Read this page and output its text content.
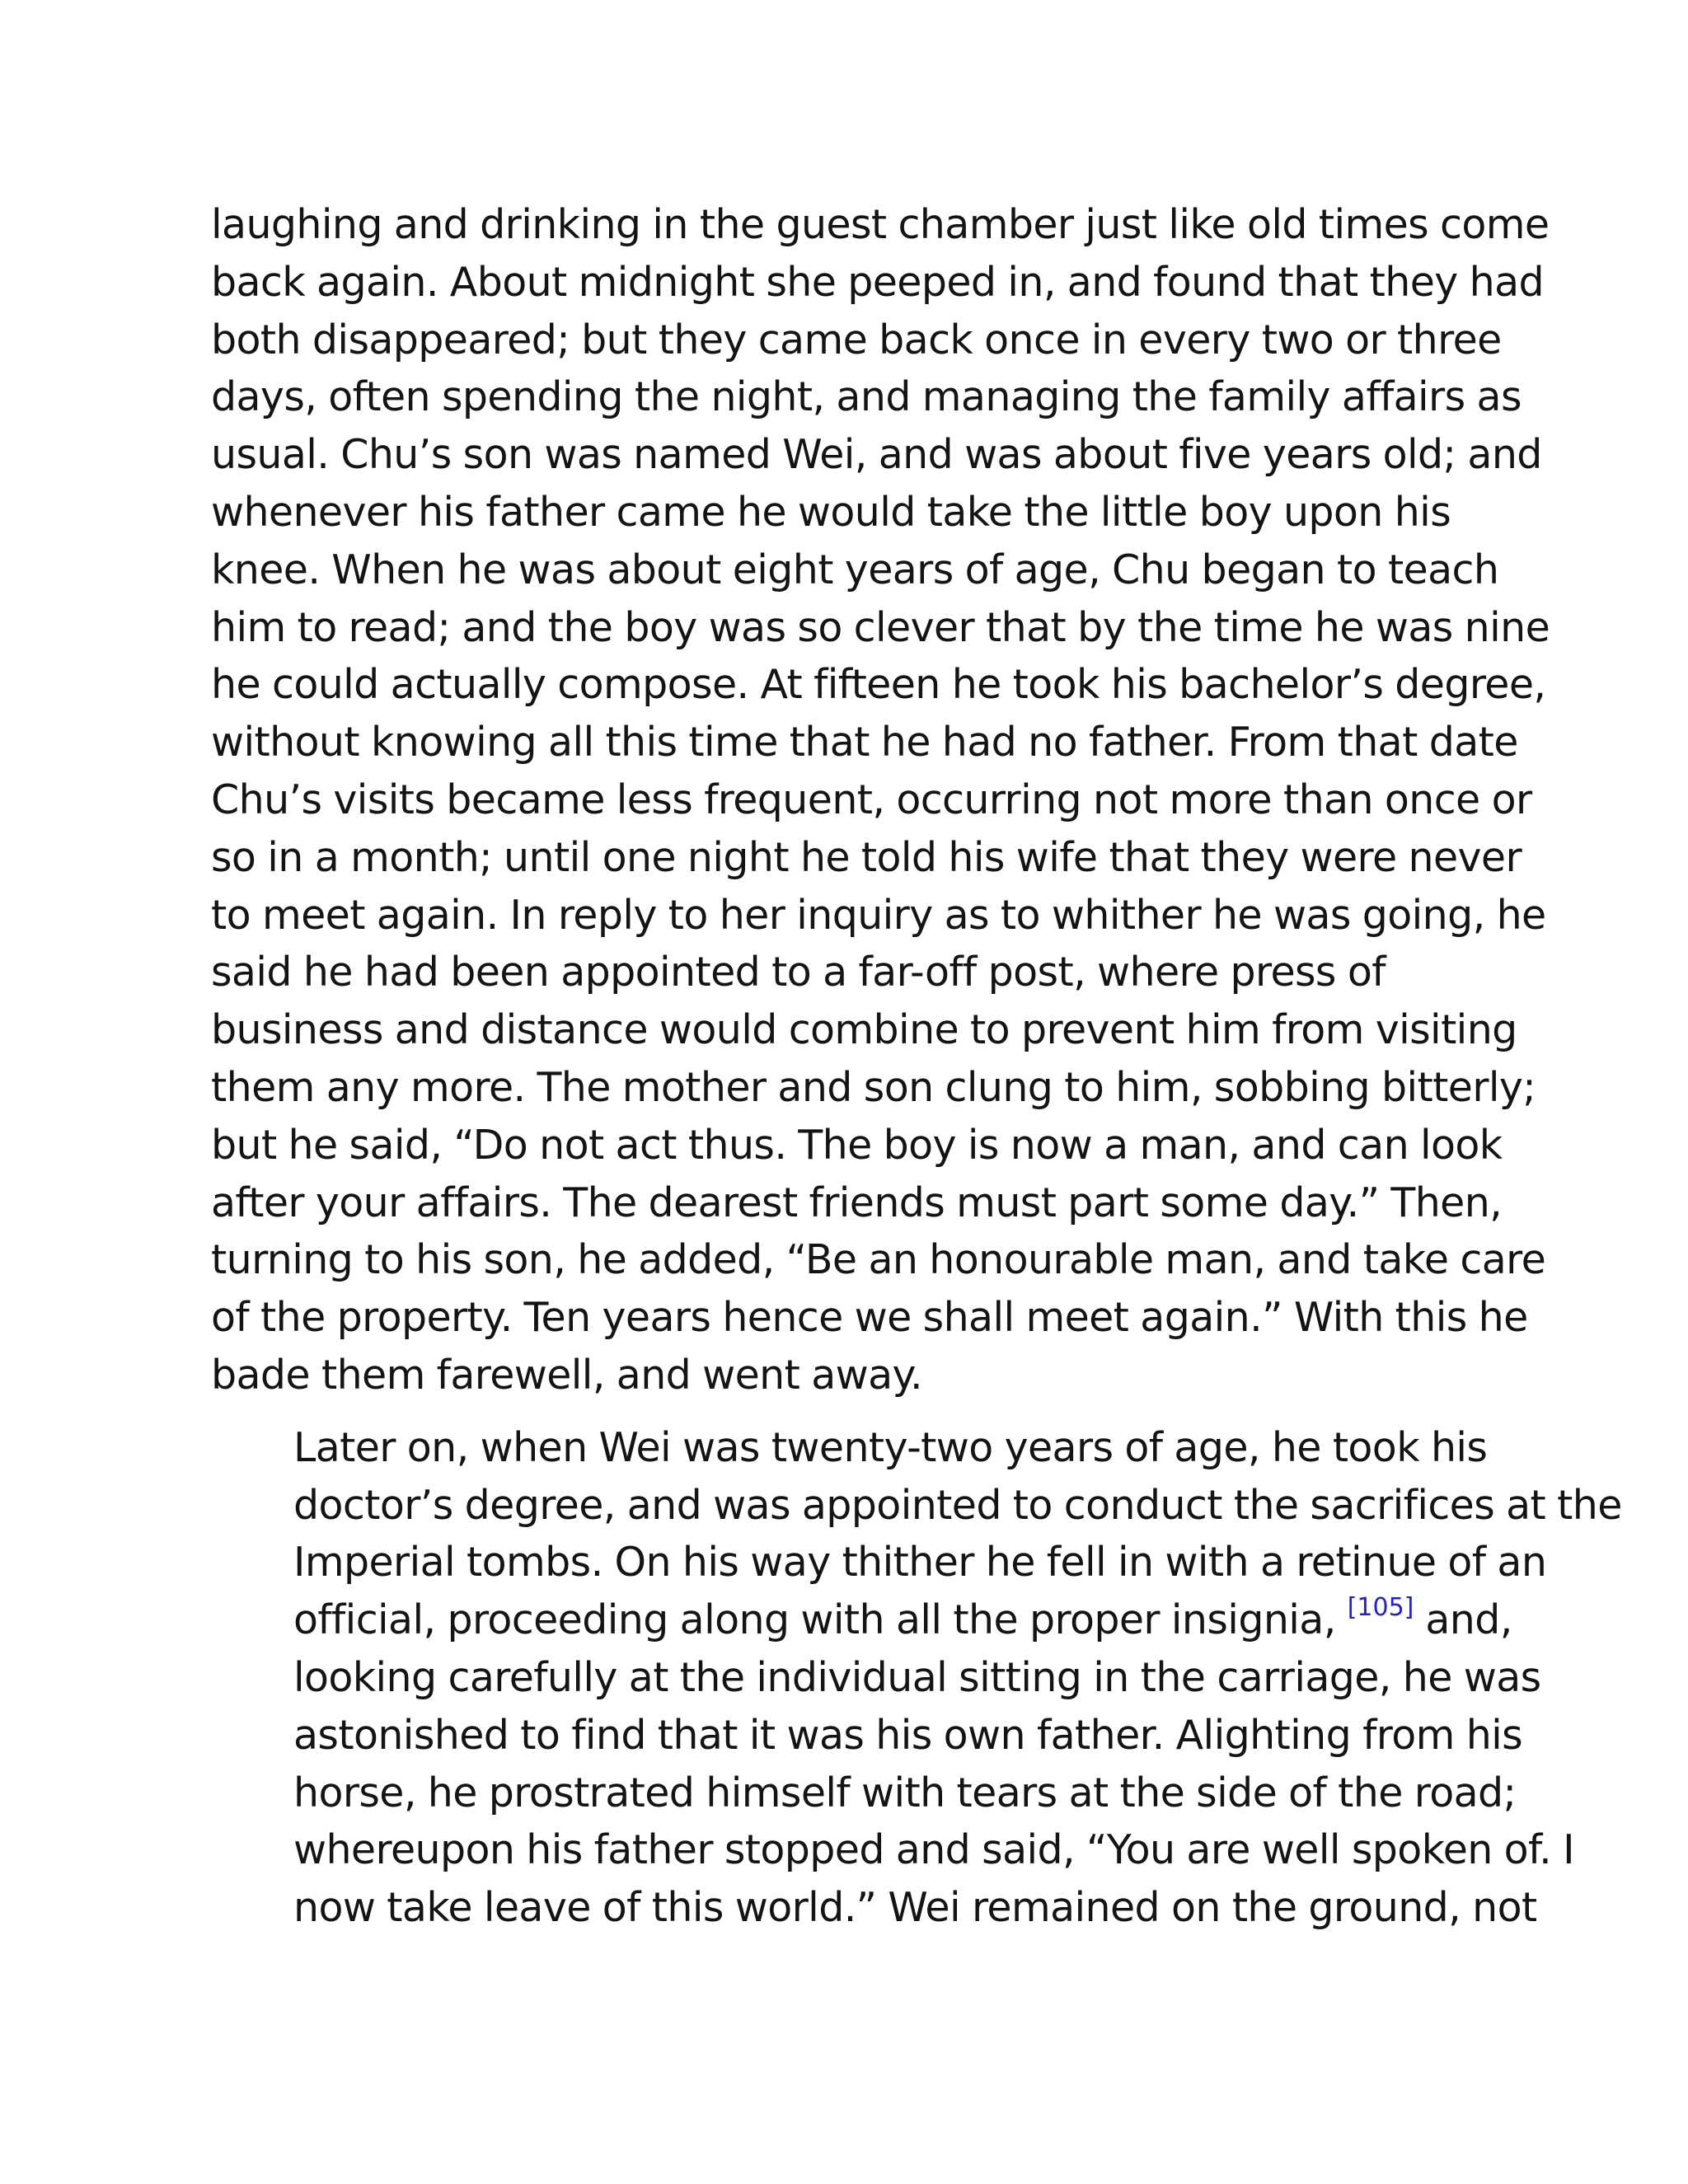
laughing and drinking in the guest chamber just like old times come
back again. About midnight she peeped in, and found that they had
both disappeared; but they came back once in every two or three
days, often spending the night, and managing the family affairs as
usual. Chu’s son was named Wei, and was about five years old; and
whenever his father came he would take the little boy upon his
knee. When he was about eight years of age, Chu began to teach
him to read; and the boy was so clever that by the time he was nine
he could actually compose. At fifteen he took his bachelor’s degree,
without knowing all this time that he had no father. From that date
Chu’s visits became less frequent, occurring not more than once or
so in a month; until one night he told his wife that they were never
to meet again. In reply to her inquiry as to whither he was going, he
said he had been appointed to a far-off post, where press of
business and distance would combine to prevent him from visiting
them any more. The mother and son clung to him, sobbing bitterly;
but he said, “Do not act thus. The boy is now a man, and can look
after your affairs. The dearest friends must part some day.” Then,
turning to his son, he added, “Be an honourable man, and take care
of the property. Ten years hence we shall meet again.” With this he
bade them farewell, and went away.

Later on, when Wei was twenty-two years of age, he took his
doctor’s degree, and was appointed to conduct the sacrifices at the
Imperial tombs. On his way thither he fell in with a retinue of an
official, proceeding along with all the proper insignia, [105] and,
looking carefully at the individual sitting in the carriage, he was
astonished to find that it was his own father. Alighting from his
horse, he prostrated himself with tears at the side of the road;
whereupon his father stopped and said, “You are well spoken of. I
now take leave of this world.” Wei remained on the ground, not
